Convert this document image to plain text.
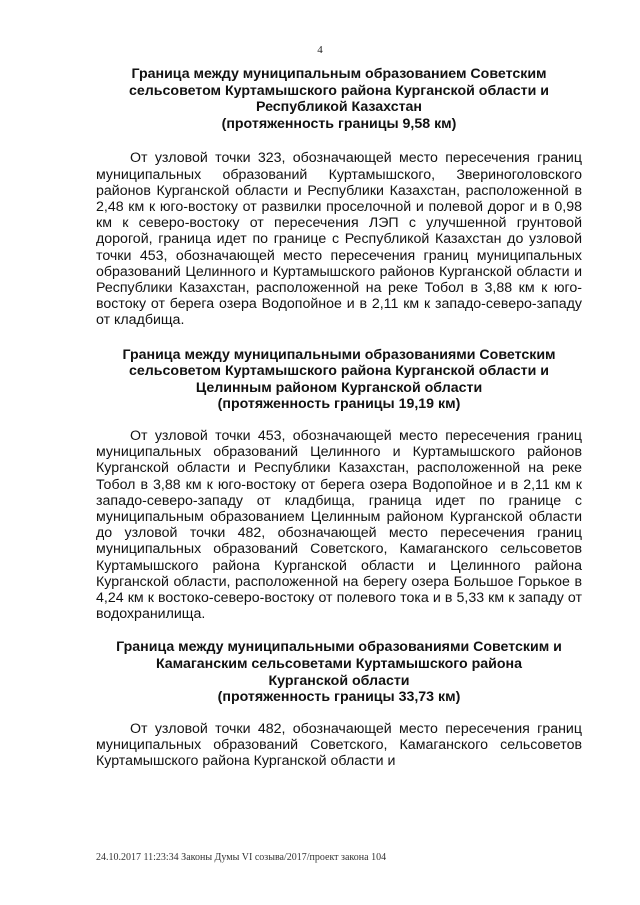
4
Граница между муниципальным образованием Советским
сельсоветом Куртамышского района Курганской области и
Республикой Казахстан
(протяженность границы 9,58 км)

От узловой точки 323, обозначающей место пересечения границ муниципальных образований Куртамышского, Звериноголовского районов Курганской области и Республики Казахстан, расположенной в 2,48 км к юго-востоку от развилки проселочной и полевой дорог и в 0,98 км к северо-востоку от пересечения ЛЭП с улучшенной грунтовой дорогой, граница идет по границе с Республикой Казахстан до узловой точки 453, обозначающей место пересечения границ муниципальных образований Целинного и Куртамышского районов Курганской области и Республики Казахстан, расположенной на реке Тобол в 3,88 км к юго-востоку от берега озера Водопойное и в 2,11 км к западо-северо-западу от кладбища.

Граница между муниципальными образованиями Советским
сельсоветом Куртамышского района Курганской области и
Целинным районом Курганской области
(протяженность границы 19,19 км)

От узловой точки 453, обозначающей место пересечения границ муниципальных образований Целинного и Куртамышского районов Курганской области и Республики Казахстан, расположенной на реке Тобол в 3,88 км к юго-востоку от берега озера Водопойное и в 2,11 км к западо-северо-западу от кладбища, граница идет по границе с муниципальным образованием Целинным районом Курганской области до узловой точки 482, обозначающей место пересечения границ муниципальных образований Советского, Камаганского сельсоветов Куртамышского района Курганской области и Целинного района Курганской области, расположенной на берегу озера Большое Горькое в 4,24 км к востоко-северо-востоку от полевого тока и в 5,33 км к западу от водохранилища.

Граница между муниципальными образованиями Советским и
Камаганским сельсоветами Куртамышского района
Курганской области
(протяженность границы 33,73 км)

От узловой точки 482, обозначающей место пересечения границ муниципальных образований Советского, Камаганского сельсоветов Куртамышского района Курганской области и

24.10.2017 11:23:34 Законы Думы VI созыва/2017/проект закона 104
